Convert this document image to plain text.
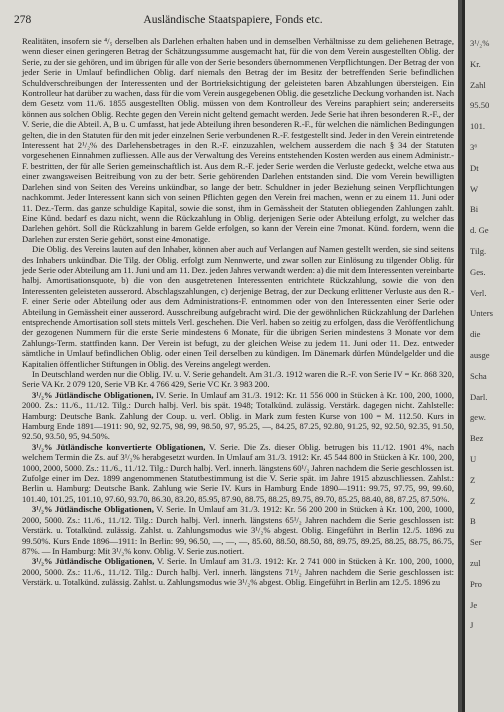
278	Ausländische Staatspapiere, Fonds etc.

Realitäten, insofern sie ⁴/₅ derselben als Darlehen erhalten haben und in demselben Verhältnisse zu dem geliehenen Betrage, wenn dieser einen geringeren Betrag der Schätzungssumme ausgemacht hat, für die von dem Verein ausgestellten Oblig. der Serie, zu der sie gehören, und im übrigen für alle von der Serie besonders übernommenen Verpflichtungen. Der Betrag der von jeder Serie in Umlauf befindlichen Oblig. darf niemals den Betrag der im Besitz der betreffenden Serie befindlichen Schuldverschreibungen der Interessenten und der Bortrieksichtigung der geleisteten baren Abzahlungen übersteigen. Ein Kontrolleur hat darüber zu wachen, dass für die vom Verein ausgegebenen Oblig. die gesetzliche Deckung vorhanden ist. Nach dem Gesetz vom 11./6. 1855 ausgestellten Oblig. müssen von dem Kontrolleur des Vereins paraphiert sein; andererseits können aus solchen Oblig. Rechte gegen den Verein nicht geltend gemacht werden. Jede Serie hat ihren besonderen R.-F., der V. Serie, die die Abteil. A, B u. C umfasst, hat jede Abteilung ihren besonderen R.-F., für welchen die nämlichen Bedingungen gelten, die in den Statuten für den mit jeder einzelnen Serie verbundenen R.-F. festgestellt sind. Jeder in den Verein eintretende Interessent hat 2¹/₂% des Darlehensbetrages in den R.-F. einzuzahlen, welchem ausserdem die nach § 34 der Statuten vorgesehenen Einnahmen zufliessen. Alle aus der Verwaltung des Vereins entstehenden Kosten werden aus einem Administr.-F. bestritten, der für alle Serien gemeinschaftlich ist. Aus dem R.-F. jeder Serie werden die Verluste gedeckt, welche etwa aus einer zwangsweisen Beitreibung von zu der betr. Serie gehörenden Darlehen entstanden sind. Die vom Verein bewilligten Darlehen sind von Seiten des Vereins unkündbar, so lange der betr. Schuldner in jeder Beziehung seinen Verpflichtungen nachkommt. Jeder Interessent kann sich von seinen Pflichten gegen den Verein frei machen, wenn er zu einem 11. Juni oder 11. Dez.-Term. das ganze schuldige Kapital, sowie die sonst, ihm in Gemässheit der Statuten obliegenden Zahlungen zahlt. Eine Künd. bedarf es dazu nicht, wenn die Rückzahlung in Oblig. derjenigen Serie oder Abteilung erfolgt, zu welcher das Darlehen gehört. Soll die Rückzahlung in barem Gelde erfolgen, so kann der Verein eine 7monat. Künd. fordern, wenn die Darlehen zur ersten Serie gehört, sonst eine 4monatige.

Die Oblig. des Vereins lauten auf den Inhaber, können aber auch auf Verlangen auf Namen gestellt werden, sie sind seitens des Inhabers unkündbar. Die Tilg. der Oblig. erfolgt zum Nennwerte, und zwar sollen zur Einlösung zu tilgender Oblig. für jede Serie oder Abteilung am 11. Juni und am 11. Dez. jeden Jahres verwandt werden: a) die mit dem Interessenten vereinbarte halbj. Amortisationsquote, b) die von den ausgetretenen Interessenten entrichtete Rückzahlung, sowie die von den Interessenten geleisteten ausserord. Abschlagszahlungen, c) derjenige Betrag, der zur Deckung erlittener Verluste aus den R.-F. einer Serie oder Abteilung oder aus dem Administrations-F. entnommen oder von den Interessenten einer Serie oder Abteilung in Gemässheit einer ausserord. Ausschreibung aufgebracht wird. Die der gewöhnlichen Rückzahlung der Darlehen entsprechende Amortisation soll stets mittels Verl. geschehen. Die Verl. haben so zeitig zu erfolgen, dass die Veröffentlichung der gezogenen Nummern für die erste Serie mindestens 6 Monate, für die übrigen Serien mindestens 3 Monate vor dem Zahlungs-Term. stattfinden kann. Der Verein ist befugt, zu der gleichen Weise zu jedem 11. Juni oder 11. Dez. entweder sämtliche in Umlauf befindlichen Oblig. oder einen Teil derselben zu kündigen. Im Dänemark dürfen Mündelgelder und die Kapitalien öffentlicher Stiftungen in Oblig. des Vereins angelegt werden.

In Deutschland werden nur die Oblig. IV. u. V. Serie gehandelt. Am 31./3. 1912 waren die R.-F. von Serie IV = Kr. 868 320, Serie VA Kr. 2 079 120, Serie VB Kr. 4 766 429, Serie VC Kr. 3 983 200.

3¹/₂% Jütländische Obligationen, IV. Serie. In Umlauf am 31./3. 1912: Kr. 11 556 000 in Stücken à Kr. 100, 200, 1000, 2000. Zs.: 11./6., 11./12. Tilg.: Durch halbj. Verl. bis spät. 1948; Totalkünd. zulässig. Verstärk. dagegen nicht. Zahlstelle: Hamburg: Deutsche Bank. Zahlung der Coup. u. verl. Oblig. in Mark zum festen Kurse von 100 = M. 112.50. Kurs in Hamburg Ende 1891—1911: 90, 92, 92.75, 98, 99, 98.50, 97, 95.25, —, 84.25, 87.25, 92.80, 91.25, 92, 92.50, 92.35, 91.50, 92.50, 93.50, 95, 94.50%.

3¹/₂% Jütländische konvertierte Obligationen, V. Serie. Die Zs. dieser Oblig. betrugen bis 11./12. 1901 4%, nach welchem Termin die Zs. auf 3¹/₂% herabgesetzt wurden. In Umlauf am 31./3. 1912: Kr. 45 544 800 in Stücken à Kr. 100, 200, 1000, 2000, 5000. Zs.: 11./6., 11./12. Tilg.: Durch halbj. Verl. innerh. längstens 60¹/₂ Jahren nachdem die Serie geschlossen ist. Zufolge einer im Dez. 1899 angenommenen Statutbestimmung ist die V. Serie spät. im Jahre 1915 abzuschliessen. Zahlst.: Berlin u. Hamburg: Deutsche Bank. Zahlung wie Serie IV. Kurs in Hamburg Ende 1890—1911: 99.75, 97.75, 99, 99.60, 101.40, 101.25, 101.10, 97.60, 93.70, 86.30, 83.20, 85.95, 87.90, 88.75, 88.25, 89.75, 89.70, 85.25, 88.40, 88, 87.25, 87.50%.

3¹/₂% Jütländische Obligationen, V. Serie. In Umlauf am 31./3. 1912: Kr. 56 200 200 in Stücken à Kr. 100, 200, 1000, 2000, 5000. Zs.: 11./6., 11./12. Tilg.: Durch halbj. Verl. innerh. längstens 65¹/₂ Jahren nachdem die Serie geschlossen ist: Verstärk. u. Totalkünd. zulässig. Zahlst. u. Zahlungsmodus wie 3¹/₂% abgest. Oblig. Eingeführt in Berlin 12./5. 1896 zu 99.50%. Kurs Ende 1896—1911: In Berlin: 99, 96.50, —, —, —, 85.60, 88.50, 88.50, 88, 89.75, 89.25, 88.25, 88.75, 86.75, 87%. — In Hamburg: Mit 3¹/₂% konv. Oblig. V. Serie zus.notiert.

3¹/₂% Jütländische Obligationen, V. Serie. In Umlauf am 31./3. 1912: Kr. 2 741 000 in Stücken à Kr. 100, 200, 1000, 2000, 5000. Zs.: 11./6., 11./12. Tilg.: Durch halbj. Verl. innerh. längstens 71¹/₂ Jahren nachdem die Serie geschlossen ist: Verstärk. u. Totalkünd. zulässig. Zahlst. u. Zahlungsmodus wie 3¹/₂% abgest. Oblig. Eingeführt in Berlin am 12./5. 1896 zu

3¹/₂%
Kr.
Zahl
95.50
101.
3⁶
Dt
W
Bi
d. Ge
Tilg.
Ges.
Verl.
Unters
die
ausge
Scha
Darl.
gew.
Bez
U
Z
Z
B
Ser
zul
Pro
Je
J
